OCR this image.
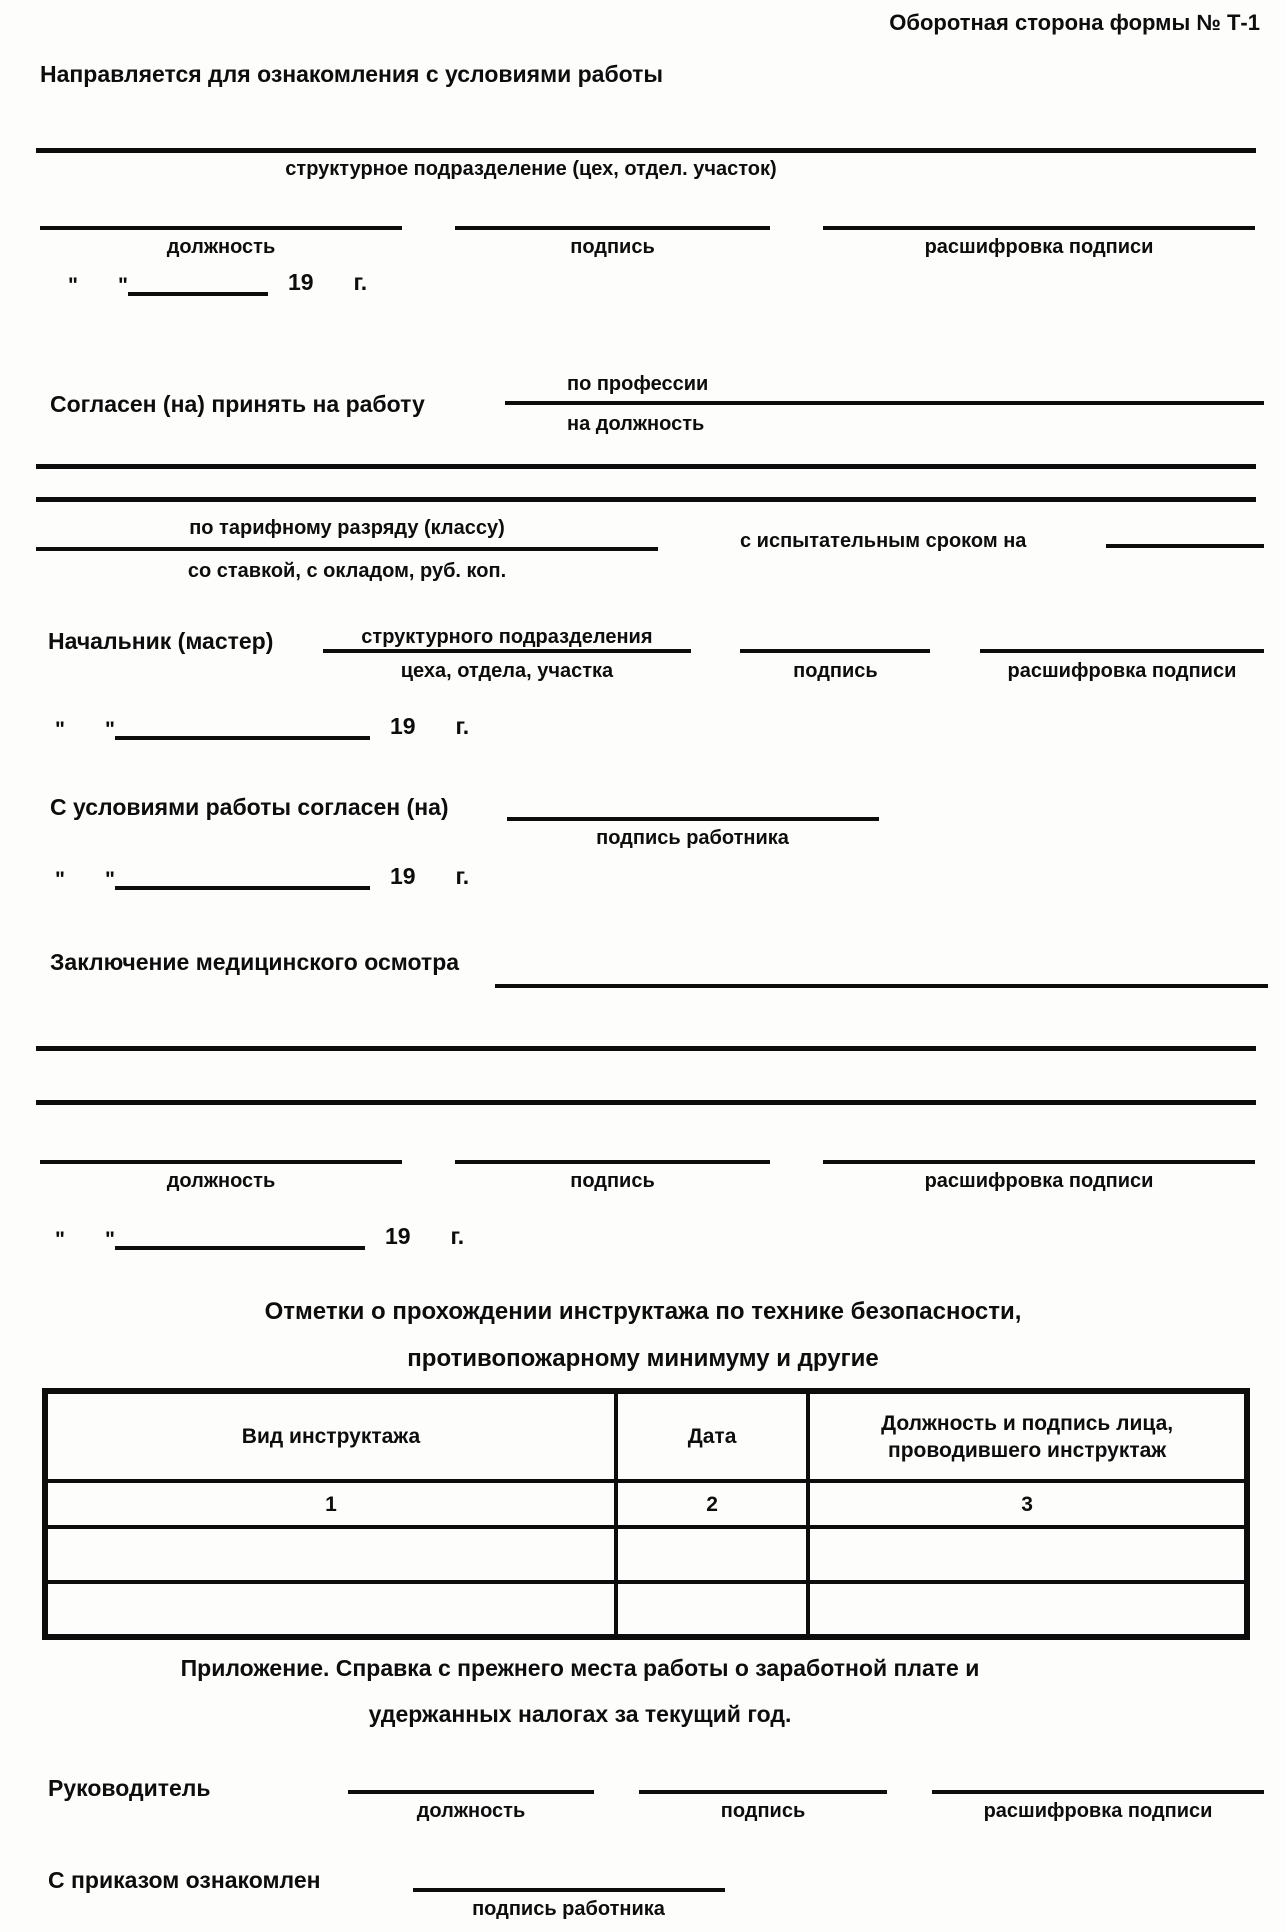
Оборотная сторона формы № Т-1
Направляется для ознакомления с условиями работы
структурное подразделение (цех, отдел. участок)
должность	подпись	расшифровка подписи
" "	19 г.
Согласен (на) принять на работу
по профессии
на должность
по тарифному разряду (классу)
со ставкой, с окладом, руб. коп.
с испытательным сроком на
Начальник (мастер)	структурного подразделения
цеха, отдела, участка	подпись	расшифровка подписи
" "	19 г.
С условиями работы согласен (на)
подпись работника
" "	19 г.
Заключение медицинского осмотра
должность	подпись	расшифровка подписи
" "	19 г.
Отметки о прохождении инструктажа по технике безопасности,
противопожарному минимуму и другие
Вид инструктажа	Дата	Должность и подпись лица, проводившего инструктаж
1	2	3

Приложение. Справка с прежнего места работы о заработной плате и
удержанных налогах за текущий год.
Руководитель
должность	подпись	расшифровка подписи
С приказом ознакомлен
подпись работника
